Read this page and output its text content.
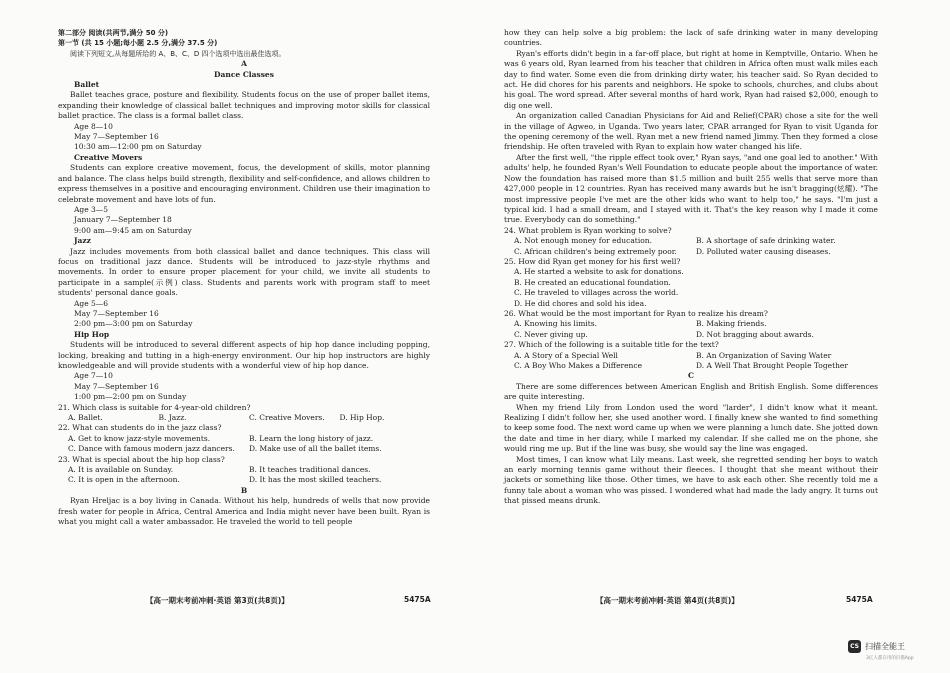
第二部分 阅读(共两节,满分 50 分)
第一节 (共 15 小题;每小题 2.5 分,满分 37.5 分)
阅读下列短文,从每题所给的 A、B、C、D 四个选项中选出最佳选项。
A
Dance Classes
Ballet
Ballet teaches grace, posture and flexibility. Students focus on the use of proper ballet items, expanding their knowledge of classical ballet techniques and improving motor skills for classical ballet practice. The class is a formal ballet class.
Age 8—10
May 7—September 16
10:30 am—12:00 pm on Saturday
Creative Movers
Students can explore creative movement, focus, the development of skills, motor planning and balance. The class helps build strength, flexibility and self-confidence, and allows children to express themselves in a positive and encouraging environment. Children use their imagination to celebrate movement and have lots of fun.
Age 3—5
January 7—September 18
9:00 am—9:45 am on Saturday
Jazz
Jazz includes movements from both classical ballet and dance techniques. This class will focus on traditional jazz dance. Students will be introduced to jazz-style rhythms and movements. In order to ensure proper placement for your child, we invite all students to participate in a sample(示例) class. Students and parents work with program staff to meet students' personal dance goals.
Age 5—6
May 7—September 16
2:00 pm—3:00 pm on Saturday
Hip Hop
Students will be introduced to several different aspects of hip hop dance including popping, locking, breaking and tutting in a high-energy environment. Our hip hop instructors are highly knowledgeable and will provide students with a wonderful view of hip hop dance.
Age 7—10
May 7—September 16
1:00 pm—2:00 pm on Sunday
21. Which class is suitable for 4-year-old children?
A. Ballet.	B. Jazz.	C. Creative Movers.	D. Hip Hop.
22. What can students do in the jazz class?
A. Get to know jazz-style movements.	B. Learn the long history of jazz.
C. Dance with famous modern jazz dancers.	D. Make use of all the ballet items.
23. What is special about the hip hop class?
A. It is available on Sunday.	B. It teaches traditional dances.
C. It is open in the afternoon.	D. It has the most skilled teachers.
B
Ryan Hreljac is a boy living in Canada. Without his help, hundreds of wells that now provide fresh water for people in Africa, Central America and India might never have been built. Ryan is what you might call a water ambassador. He traveled the world to tell people
【高一期末考前冲刺·英语 第3页(共8页)】	5475A
how they can help solve a big problem: the lack of safe drinking water in many developing countries.
Ryan's efforts didn't begin in a far-off place, but right at home in Kemptville, Ontario. When he was 6 years old, Ryan learned from his teacher that children in Africa often must walk miles each day to find water. Some even die from drinking dirty water, his teacher said. So Ryan decided to act. He did chores for his parents and neighbors. He spoke to schools, churches, and clubs about his goal. The word spread. After several months of hard work, Ryan had raised $2,000, enough to dig one well.
An organization called Canadian Physicians for Aid and Relief(CPAR) chose a site for the well in the village of Agweo, in Uganda. Two years later, CPAR arranged for Ryan to visit Uganda for the opening ceremony of the well. Ryan met a new friend named Jimmy. Then they formed a close friendship. He often traveled with Ryan to explain how water changed his life.
After the first well, "the ripple effect took over," Ryan says, "and one goal led to another." With adults' help, he founded Ryan's Well Foundation to educate people about the importance of water. Now the foundation has raised more than $1.5 million and built 255 wells that serve more than 427,000 people in 12 countries. Ryan has received many awards but he isn't bragging(炫耀). "The most impressive people I've met are the other kids who want to help too," he says. "I'm just a typical kid. I had a small dream, and I stayed with it. That's the key reason why I made it come true. Everybody can do something."
24. What problem is Ryan working to solve?
A. Not enough money for education.	B. A shortage of safe drinking water.
C. African children's being extremely poor.	D. Polluted water causing diseases.
25. How did Ryan get money for his first well?
A. He started a website to ask for donations.
B. He created an educational foundation.
C. He traveled to villages across the world.
D. He did chores and sold his idea.
26. What would be the most important for Ryan to realize his dream?
A. Knowing his limits.	B. Making friends.
C. Never giving up.	D. Not bragging about awards.
27. Which of the following is a suitable title for the text?
A. A Story of a Special Well	B. An Organization of Saving Water
C. A Boy Who Makes a Difference	D. A Well That Brought People Together
C
There are some differences between American English and British English. Some differences are quite interesting.
When my friend Lily from London used the word "larder", I didn't know what it meant. Realizing I didn't follow her, she used another word. I finally knew she wanted to find something to keep some food. The next word came up when we were planning a lunch date. She jotted down the date and time in her diary, while I marked my calendar. If she called me on the phone, she would ring me up. But if the line was busy, she would say the line was engaged.
Most times, I can know what Lily means. Last week, she regretted sending her boys to watch an early morning tennis game without their fleeces. I thought that she meant without their jackets or something like those. Other times, we have to ask each other. She recently told me a funny tale about a woman who was pissed. I wondered what had made the lady angry. It turns out that pissed means drunk.
【高一期末考前冲刺·英语 第4页(共8页)】	5475A
CS 扫描全能王
3亿人都在用的扫描App
